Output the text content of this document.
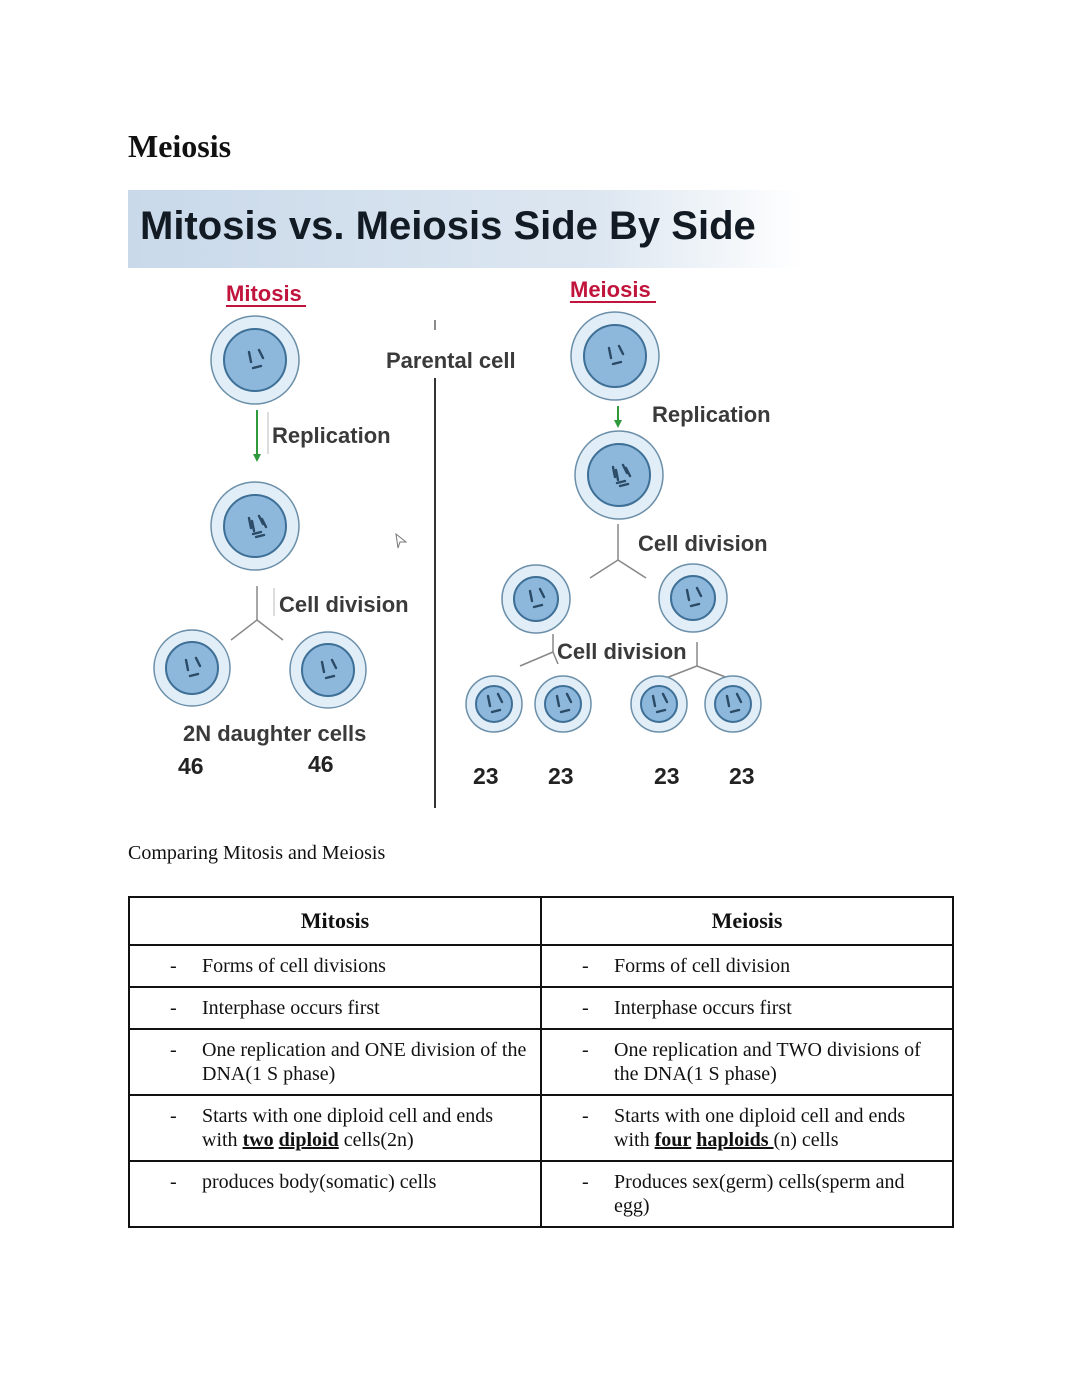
Meiosis
Mitosis vs. Meiosis Side By Side
Mitosis	Meiosis
Parental cell
Replication
Cell division
2N daughter cells
46	46
Replication
Cell division
Cell division
23 23	23 23
Comparing Mitosis and Meiosis
Mitosis	Meiosis

- Forms of cell divisions	- Forms of cell division

- Interphase occurs first	- Interphase occurs first

- One replication and ONE division of the DNA(1 S phase)	- One replication and TWO divisions of the DNA(1 S phase)

- Starts with one diploid cell and ends with two diploid cells(2n)	- Starts with one diploid cell and ends with four haploids (n) cells

- produces body(somatic) cells	- Produces sex(germ) cells(sperm and egg)
